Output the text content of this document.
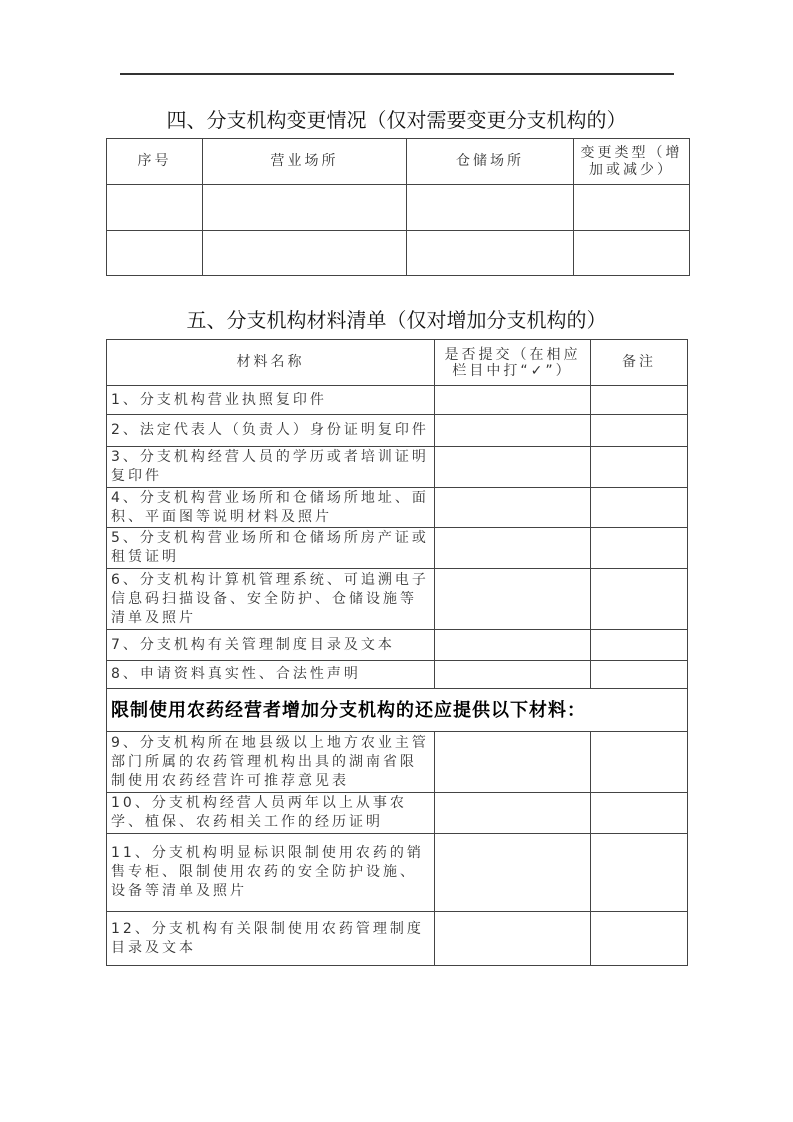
四、分支机构变更情况（仅对需要变更分支机构的）
序号	营业场所	仓储场所	变更类型（增加或减少）

五、分支机构材料清单（仅对增加分支机构的）
材料名称	是否提交（在相应栏目中打“✓”）	备注
1、分支机构营业执照复印件		
2、法定代表人（负责人）身份证明复印件		
3、分支机构经营人员的学历或者培训证明复印件		
4、分支机构营业场所和仓储场所地址、面积、平面图等说明材料及照片		
5、分支机构营业场所和仓储场所房产证或租赁证明		
6、分支机构计算机管理系统、可追溯电子信息码扫描设备、安全防护、仓储设施等清单及照片		
7、分支机构有关管理制度目录及文本		
8、申请资料真实性、合法性声明		
限制使用农药经营者增加分支机构的还应提供以下材料：		
9、分支机构所在地县级以上地方农业主管部门所属的农药管理机构出具的湖南省限制使用农药经营许可推荐意见表		
10、分支机构经营人员两年以上从事农学、植保、农药相关工作的经历证明		
11、分支机构明显标识限制使用农药的销售专柜、限制使用农药的安全防护设施、设备等清单及照片		
12、分支机构有关限制使用农药管理制度目录及文本		
